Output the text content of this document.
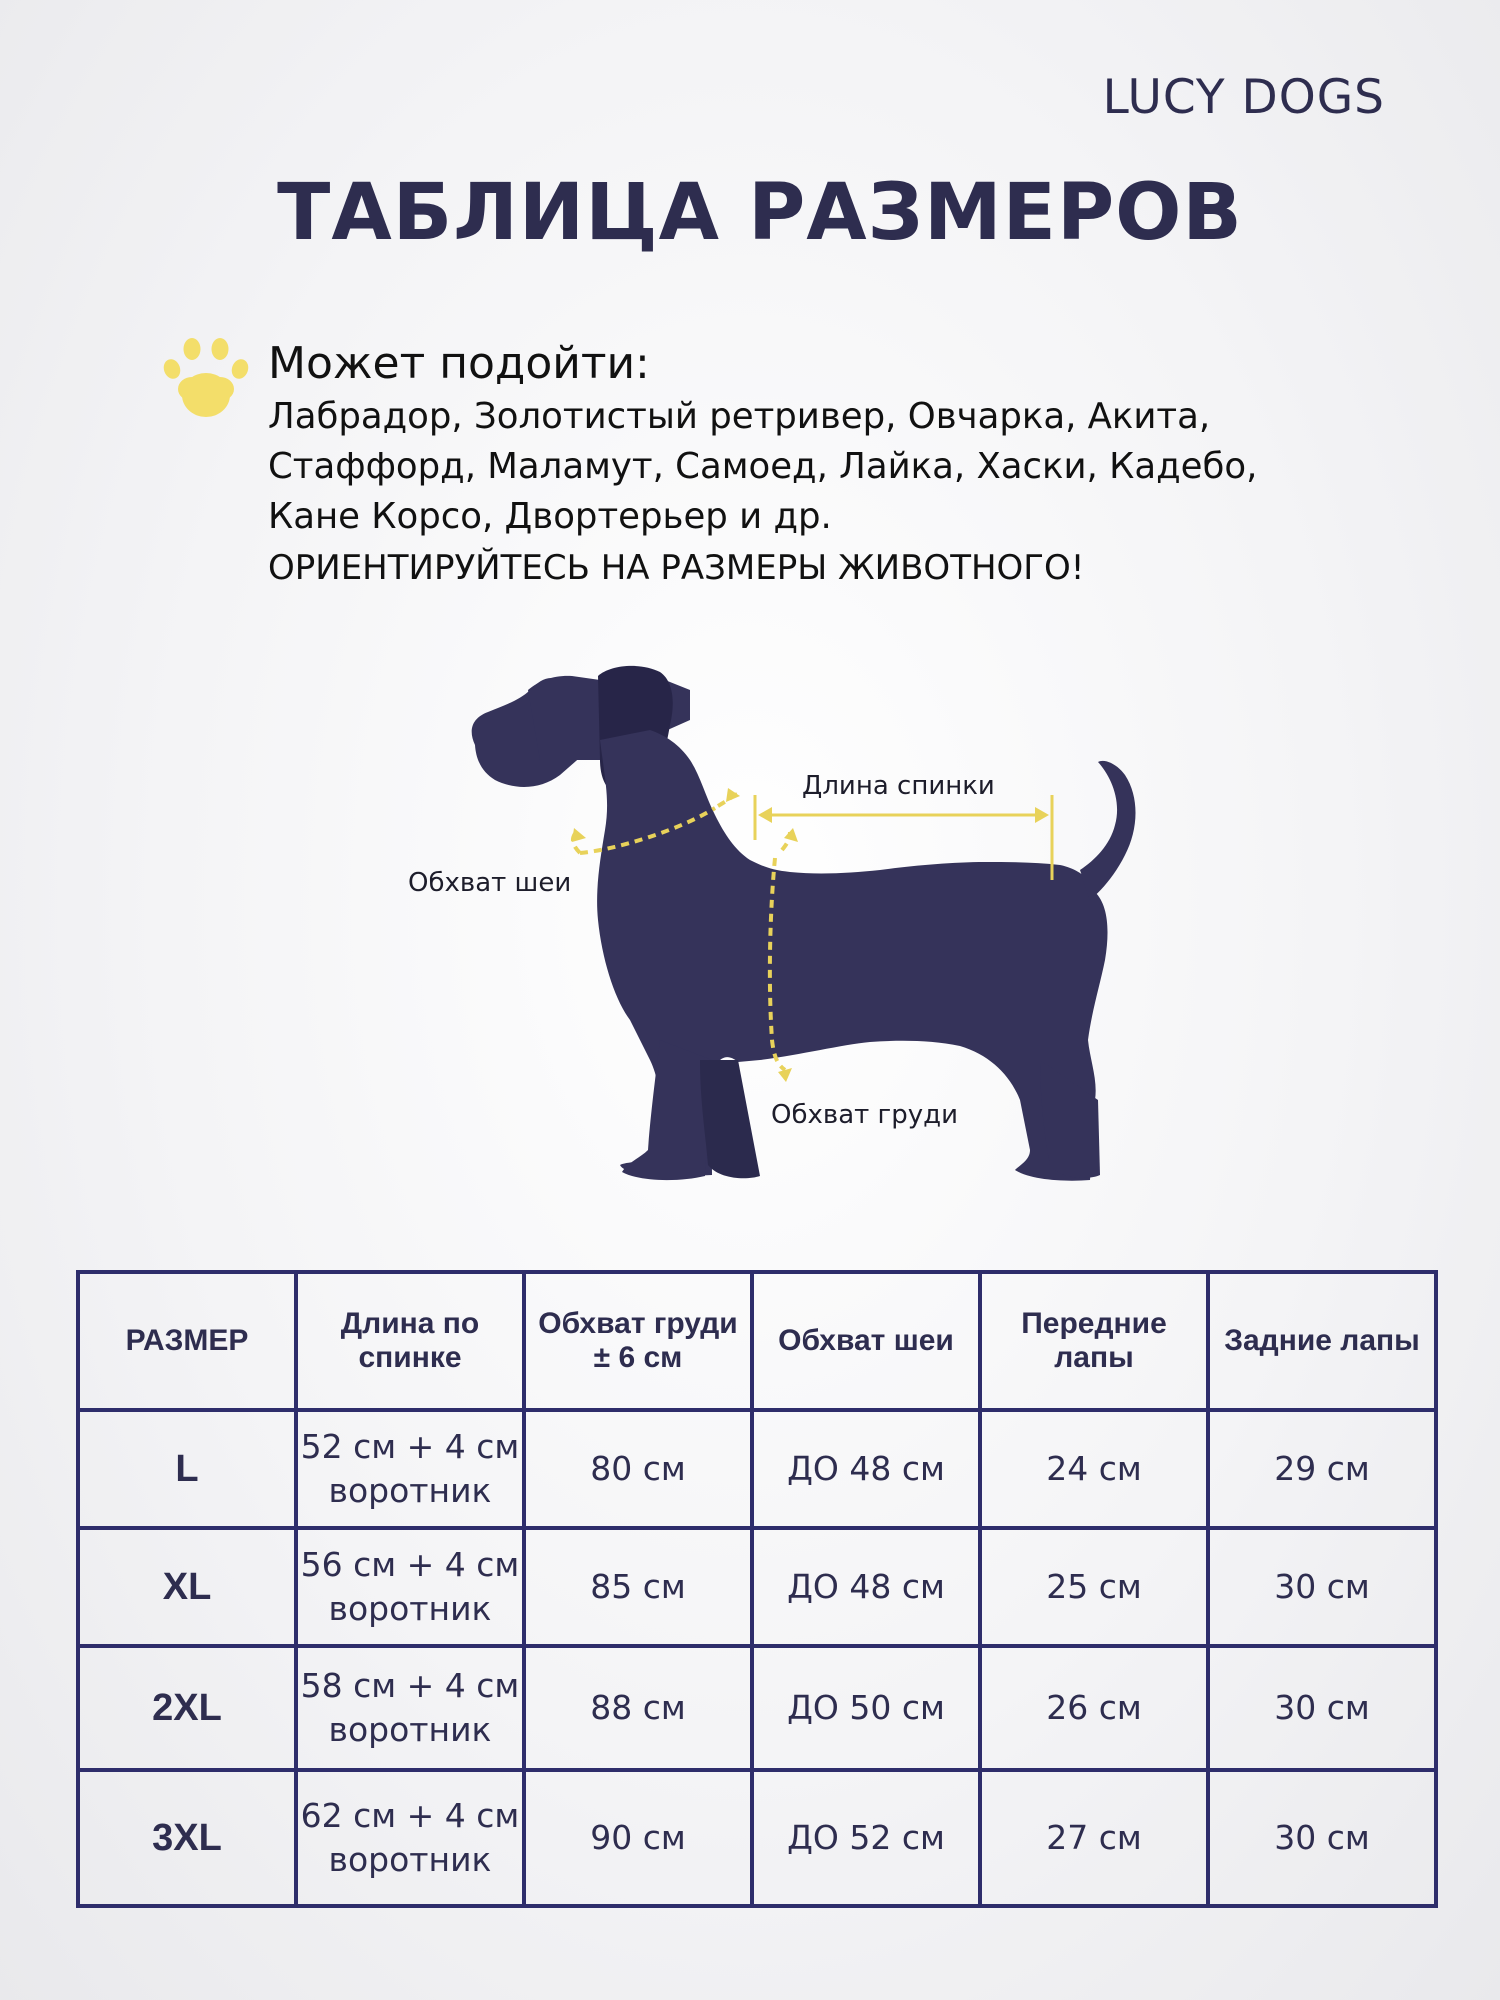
LUCY DOGS
ТАБЛИЦА РАЗМЕРОВ
Может подойти:
Лабрадор, Золотистый ретривер, Овчарка, Акита,
Стаффорд, Маламут, Самоед, Лайка, Хаски, Кадебо,
Кане Корсо, Двортерьер и др.
ОРИЕНТИРУЙТЕСЬ НА РАЗМЕРЫ ЖИВОТНОГО!
Длина спинки
Обхват шеи
Обхват груди
РАЗМЕР	Длина по спинке	Обхват груди ± 6 см	Обхват шеи	Передние лапы	Задние лапы
L	52 см + 4 см воротник	80 см	ДО 48 см	24 см	29 см
XL	56 см + 4 см воротник	85 см	ДО 48 см	25 см	30 см
2XL	58 см + 4 см воротник	88 см	ДО 50 см	26 см	30 см
3XL	62 см + 4 см воротник	90 см	ДО 52 см	27 см	30 см
